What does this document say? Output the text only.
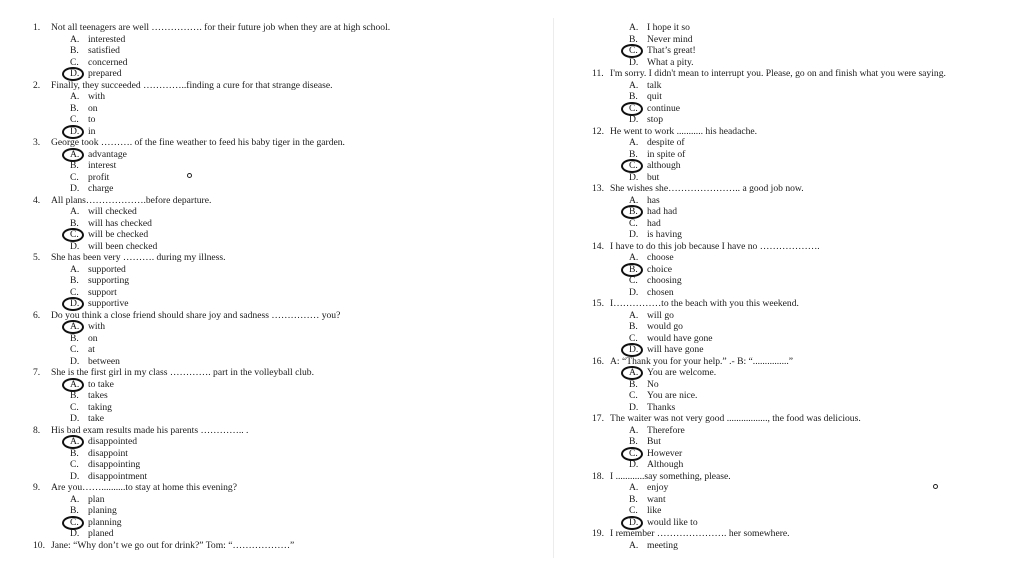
1. Not all teenagers are well ……………. for their future job when they are at high school.
A. interested
B. satisfied
C. concerned
D. prepared
2. Finally, they succeeded …………..finding a cure for that strange disease.
A. with
B. on
C. to
D. in
3. George took ………. of the fine weather to feed his baby tiger in the garden.
A. advantage
B. interest
C. profit
D. charge
4. All plans……………….before departure.
A. will checked
B. will has checked
C. will be checked
D. will been checked
5. She has been very ………. during my illness.
A. supported
B. supporting
C. support
D. supportive
6. Do you think a close friend should share joy and sadness …………… you?
A. with
B. on
C. at
D. between
7. She is the first girl in my class …………. part in the volleyball club.
A. to take
B. takes
C. taking
D. take
8. His bad exam results made his parents ………….. .
A. disappointed
B. disappoint
C. disappointing
D. disappointment
9. Are you……..........to stay at home this evening?
A. plan
B. planing
C. planning
D. planed
10. Jane: “Why don’t we go out for drink?” Tom: “………………”
A. I hope it so
B. Never mind
C. That’s great!
D. What a pity.
11. I'm sorry. I didn't mean to interrupt you. Please, go on and finish what you were saying.
A. talk
B. quit
C. continue
D. stop
12. He went to work ........... his headache.
A. despite of
B. in spite of
C. although
D. but
13. She wishes she………………….. a good job now.
A. has
B. had had
C. had
D. is having
14. I have to do this job because I have no ……………….
A. choose
B. choice
C. choosing
D. chosen
15. I……………to the beach with you this weekend.
A. will go
B. would go
C. would have gone
D. will have gone
16. A: “Thank you for your help.” .- B: “...............”
A. You are welcome.
B. No
C. You are nice.
D. Thanks
17. The waiter was not very good ................., the food was delicious.
A. Therefore
B. But
C. However
D. Although
18. I ............say something, please.
A. enjoy
B. want
C. like
D. would like to
19. I remember …………………. her somewhere.
A. meeting
